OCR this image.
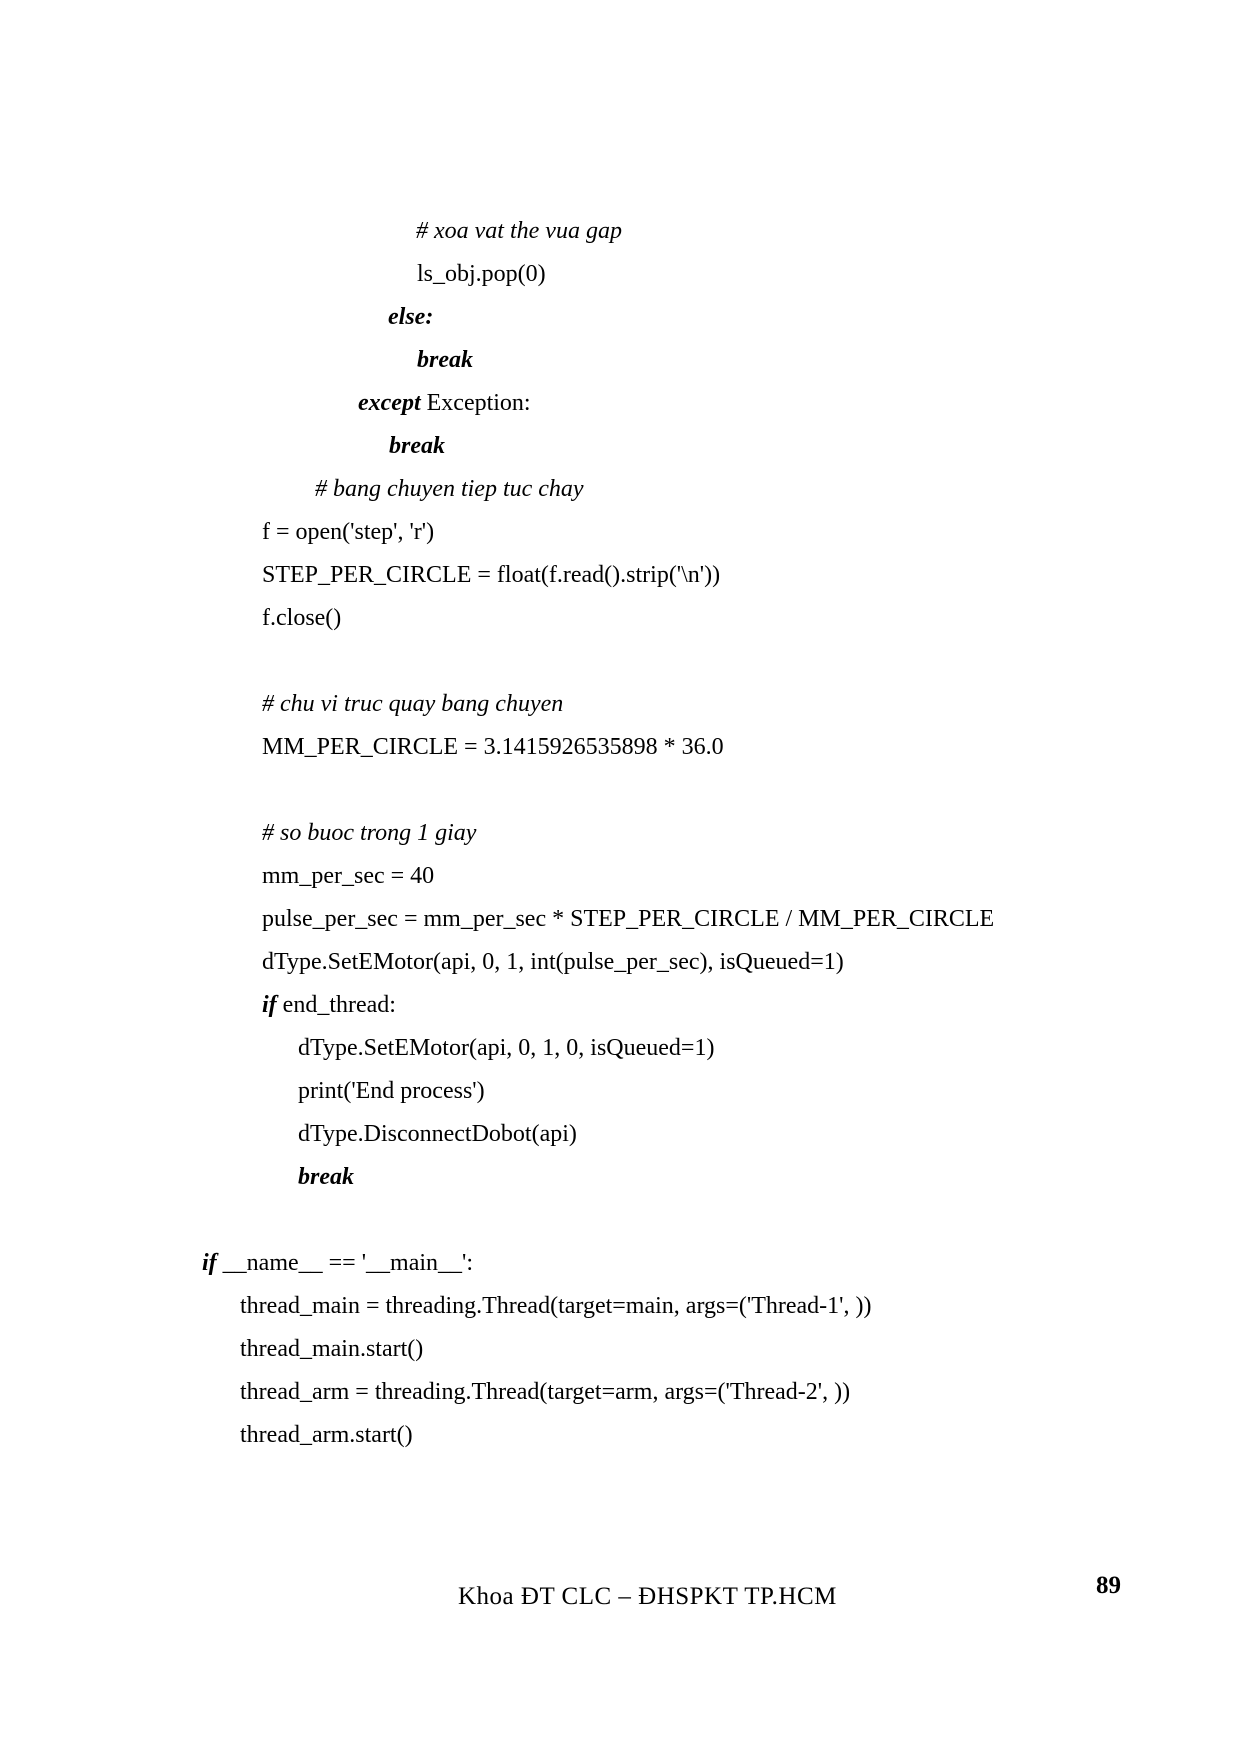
# xoa vat the vua gap
ls_obj.pop(0)
else:
break
except Exception:
break
# bang chuyen tiep tuc chay
f = open('step', 'r')
STEP_PER_CIRCLE = float(f.read().strip('\n'))
f.close()
# chu vi truc quay bang chuyen
MM_PER_CIRCLE = 3.1415926535898 * 36.0
# so buoc trong 1 giay
mm_per_sec = 40
pulse_per_sec = mm_per_sec * STEP_PER_CIRCLE / MM_PER_CIRCLE
dType.SetEMotor(api, 0, 1, int(pulse_per_sec), isQueued=1)
if end_thread:
dType.SetEMotor(api, 0, 1, 0, isQueued=1)
print('End process')
dType.DisconnectDobot(api)
break
if __name__ == '__main__':
thread_main = threading.Thread(target=main, args=('Thread-1', ))
thread_main.start()
thread_arm = threading.Thread(target=arm, args=('Thread-2', ))
thread_arm.start()
Khoa ĐT CLC – ĐHSPKT TP.HCM	89
